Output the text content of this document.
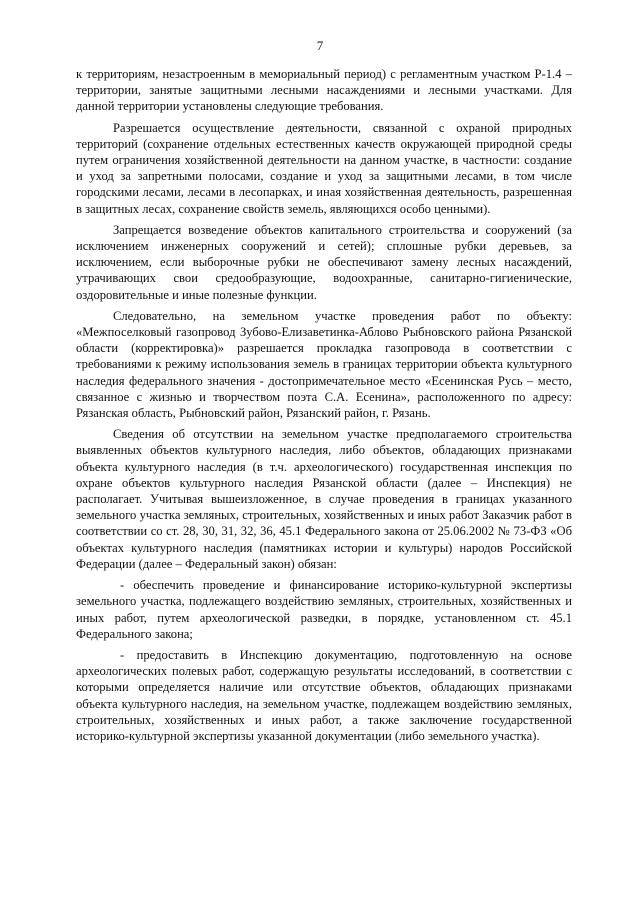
7

к территориям, незастроенным в мемориальный период) с регламентным участком Р-1.4 – территории, занятые защитными лесными насаждениями и лесными участками. Для данной территории установлены следующие требования.

Разрешается осуществление деятельности, связанной с охраной природных территорий (сохранение отдельных естественных качеств окружающей природной среды путем ограничения хозяйственной деятельности на данном участке, в частности: создание и уход за запретными полосами, создание и уход за защитными лесами, в том числе городскими лесами, лесами в лесопарках, и иная хозяйственная деятельность, разрешенная в защитных лесах, сохранение свойств земель, являющихся особо ценными).

Запрещается возведение объектов капитального строительства и сооружений (за исключением инженерных сооружений и сетей); сплошные рубки деревьев, за исключением, если выборочные рубки не обеспечивают замену лесных насаждений, утрачивающих свои средообразующие, водоохранные, санитарно-гигиенические, оздоровительные и иные полезные функции.

Следовательно, на земельном участке проведения работ по объекту: «Межпоселковый газопровод Зубово-Елизаветинка-Аблово Рыбновского района Рязанской области (корректировка)» разрешается прокладка газопровода в соответствии с требованиями к режиму использования земель в границах территории объекта культурного наследия федерального значения - достопримечательное место «Есенинская Русь – место, связанное с жизнью и творчеством поэта С.А. Есенина», расположенного по адресу: Рязанская область, Рыбновский район, Рязанский район, г. Рязань.

Сведения об отсутствии на земельном участке предполагаемого строительства выявленных объектов культурного наследия, либо объектов, обладающих признаками объекта культурного наследия (в т.ч. археологического) государственная инспекция по охране объектов культурного наследия Рязанской области (далее – Инспекция) не располагает. Учитывая вышеизложенное, в случае проведения в границах указанного земельного участка земляных, строительных, хозяйственных и иных работ Заказчик работ в соответствии со ст. 28, 30, 31, 32, 36, 45.1 Федерального закона от 25.06.2002 № 73-ФЗ «Об объектах культурного наследия (памятниках истории и культуры) народов Российской Федерации (далее – Федеральный закон) обязан:

- обеспечить проведение и финансирование историко-культурной экспертизы земельного участка, подлежащего воздействию земляных, строительных, хозяйственных и иных работ, путем археологической разведки, в порядке, установленном ст. 45.1 Федерального закона;

- предоставить в Инспекцию документацию, подготовленную на основе археологических полевых работ, содержащую результаты исследований, в соответствии с которыми определяется наличие или отсутствие объектов, обладающих признаками объекта культурного наследия, на земельном участке, подлежащем воздействию земляных, строительных, хозяйственных и иных работ, а также заключение государственной историко-культурной экспертизы указанной документации (либо земельного участка).
